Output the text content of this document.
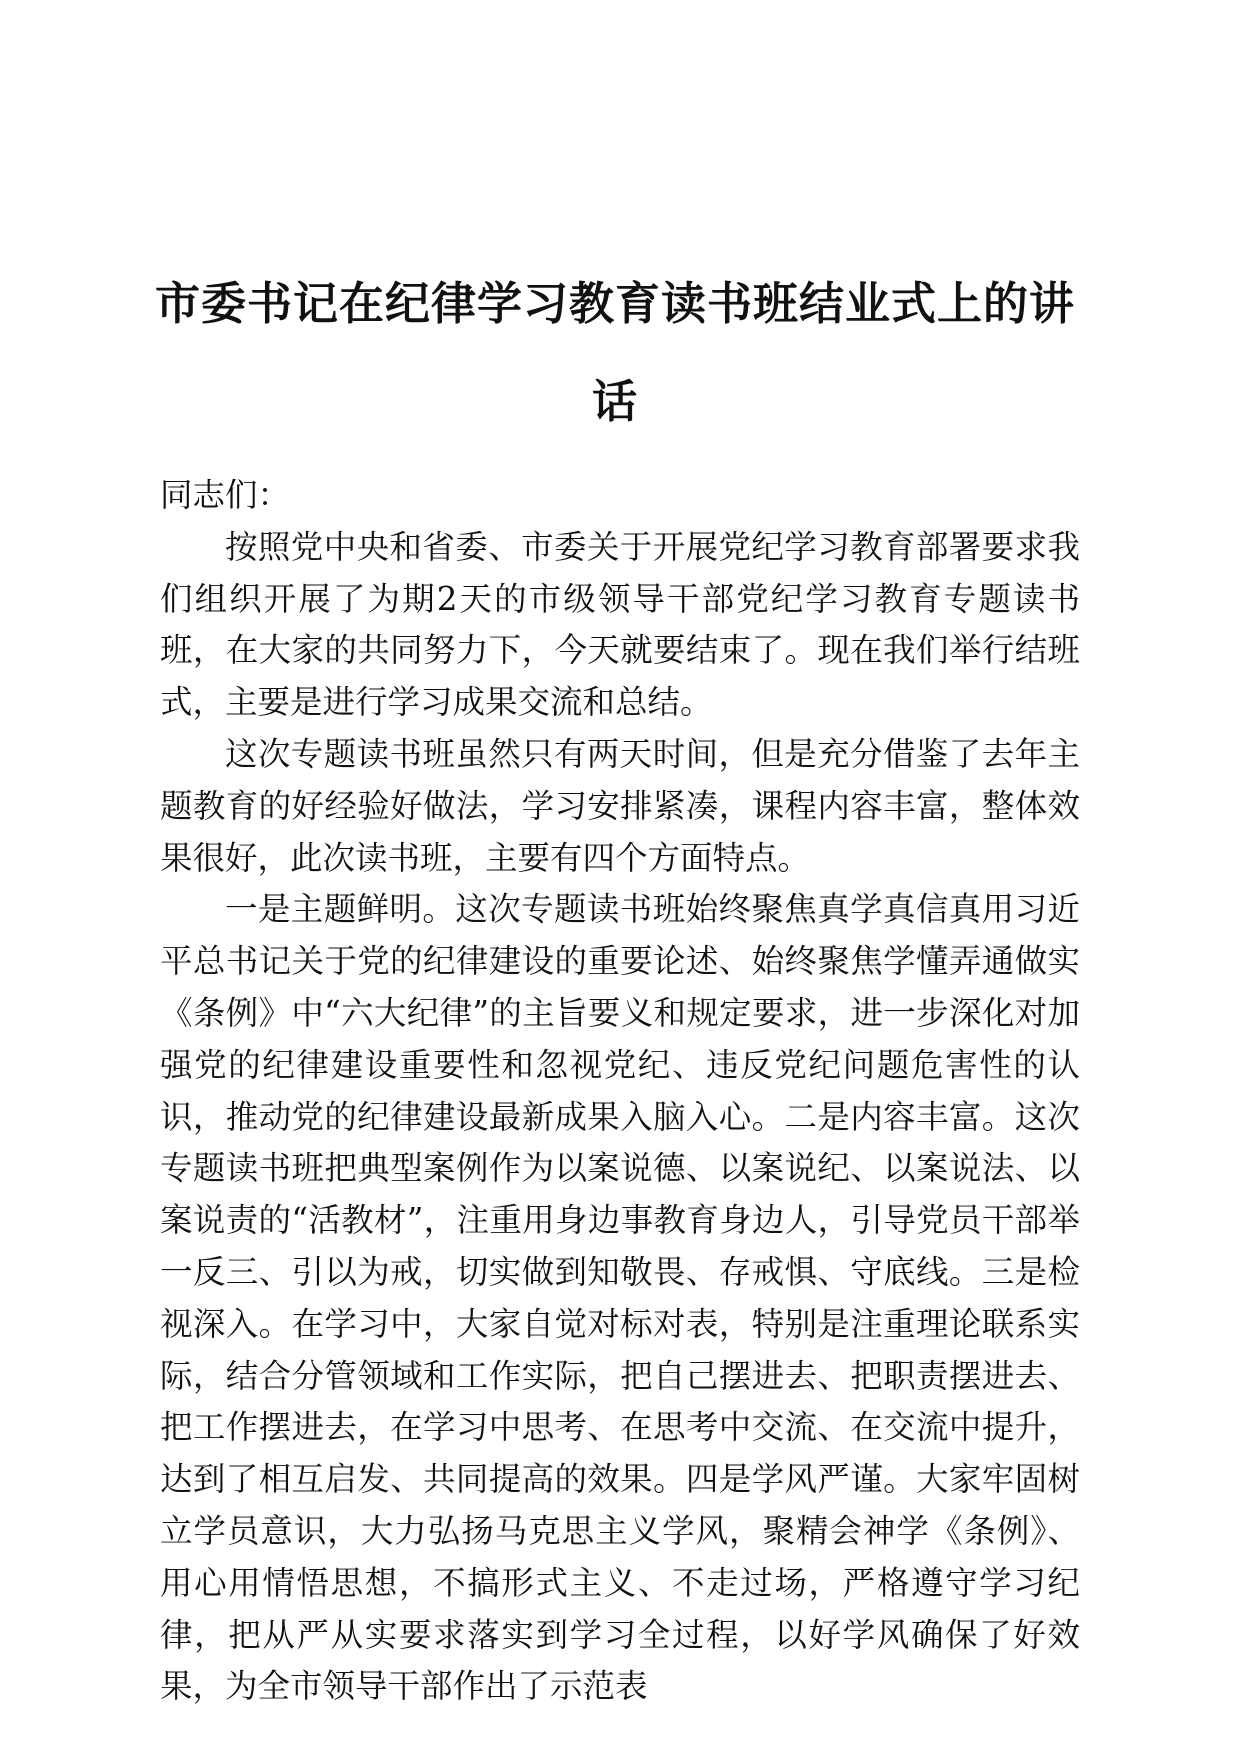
市委书记在纪律学习教育读书班结业式上的讲话

同志们：

按照党中央和省委、市委关于开展党纪学习教育部署要求我们组织开展了为期2天的市级领导干部党纪学习教育专题读书班，在大家的共同努力下，今天就要结束了。现在我们举行结班式，主要是进行学习成果交流和总结。

这次专题读书班虽然只有两天时间，但是充分借鉴了去年主题教育的好经验好做法，学习安排紧凑，课程内容丰富，整体效果很好，此次读书班，主要有四个方面特点。

一是主题鲜明。这次专题读书班始终聚焦真学真信真用习近平总书记关于党的纪律建设的重要论述、始终聚焦学懂弄通做实《条例》中“六大纪律”的主旨要义和规定要求，进一步深化对加强党的纪律建设重要性和忽视党纪、违反党纪问题危害性的认识，推动党的纪律建设最新成果入脑入心。二是内容丰富。这次专题读书班把典型案例作为以案说德、以案说纪、以案说法、以案说责的“活教材”，注重用身边事教育身边人，引导党员干部举一反三、引以为戒，切实做到知敬畏、存戒惧、守底线。三是检视深入。在学习中，大家自觉对标对表，特别是注重理论联系实际，结合分管领域和工作实际，把自己摆进去、把职责摆进去、把工作摆进去，在学习中思考、在思考中交流、在交流中提升，达到了相互启发、共同提高的效果。四是学风严谨。大家牢固树立学员意识，大力弘扬马克思主义学风，聚精会神学《条例》、用心用情悟思想，不搞形式主义、不走过场，严格遵守学习纪律，把从严从实要求落实到学习全过程，以好学风确保了好效果，为全市领导干部作出了示范表
